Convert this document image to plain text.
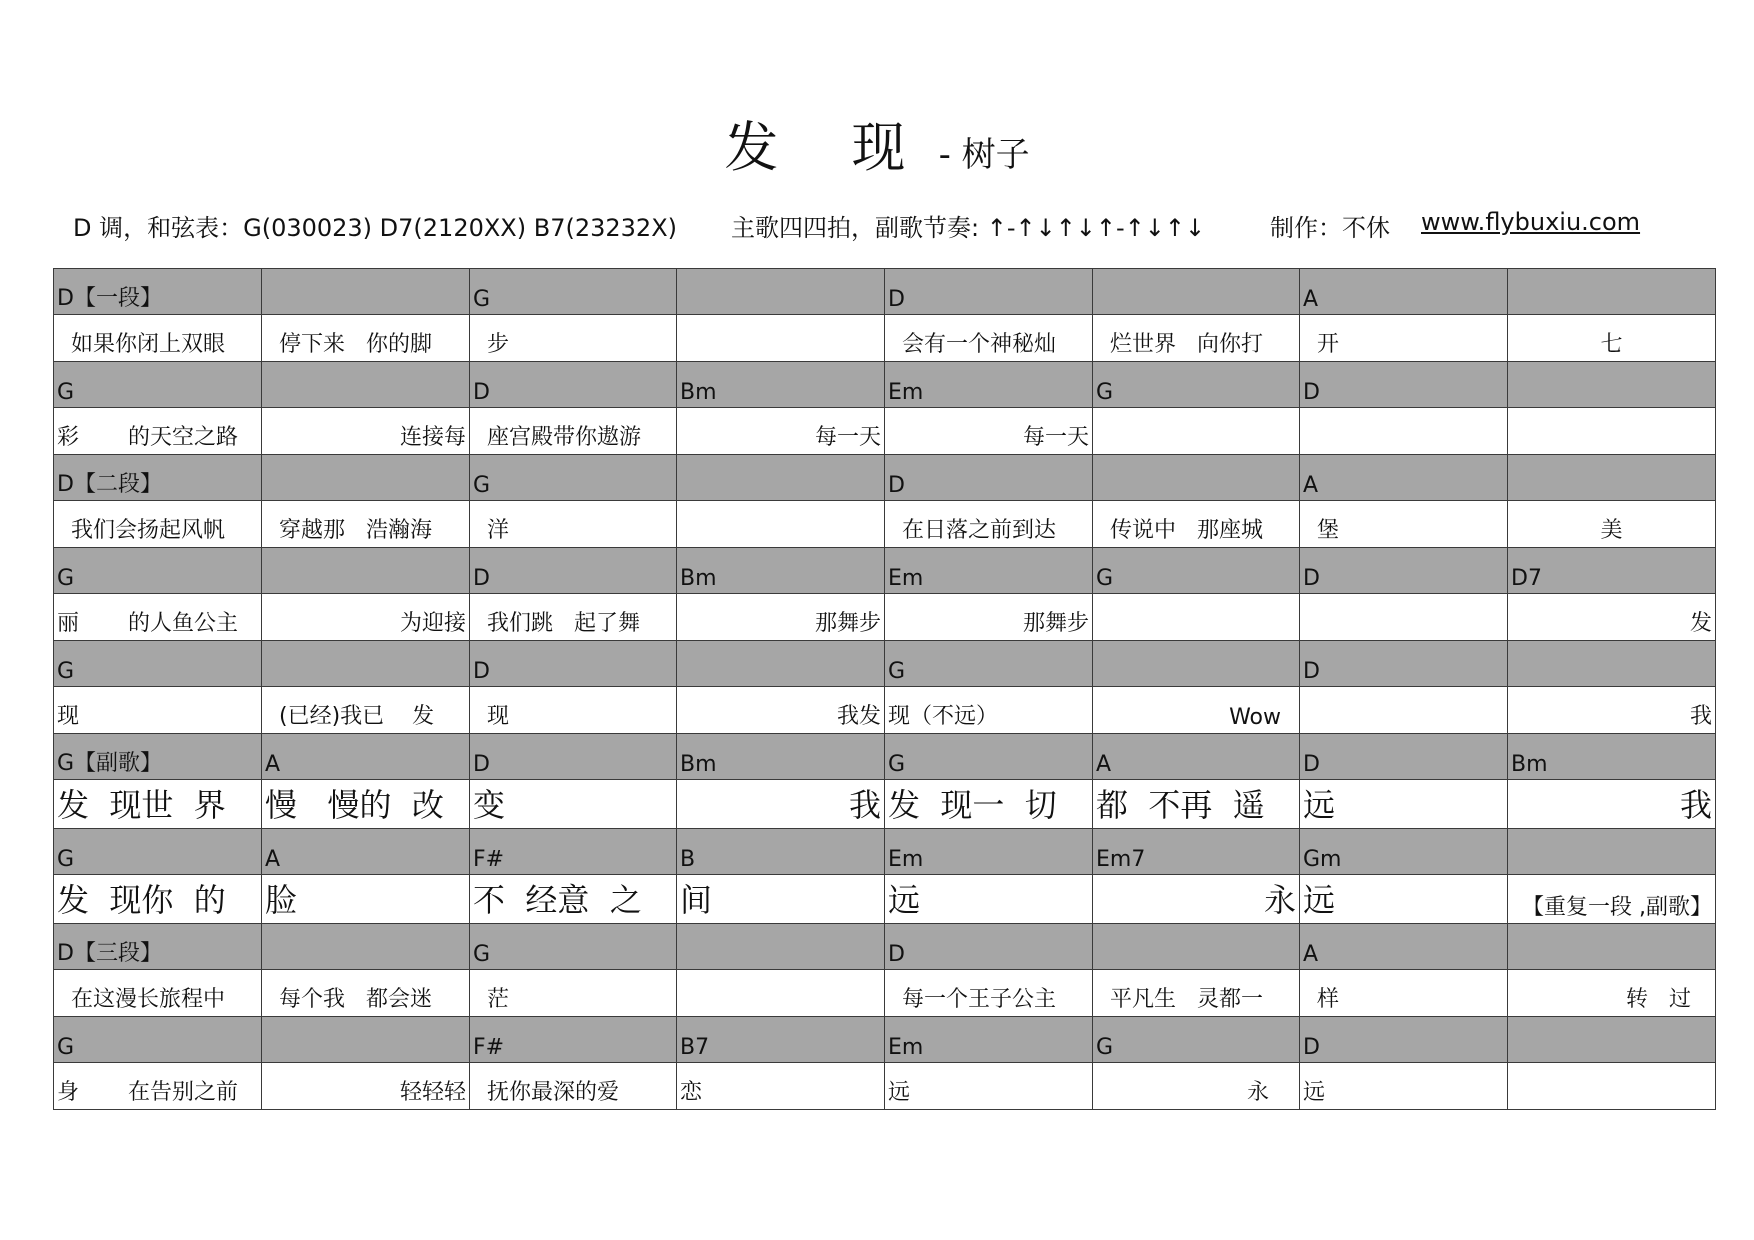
发 现 - 树子
D 调，和弦表：G(030023) D7(2120XX) B7(23232X) 主歌四四拍，副歌节奏: ↑-↑↓↑↓↑-↑↓↑↓	制作：不休 www.flybuxiu.com
D【一段】		G		D		A	
如果你闭上双眼	停下来   你的脚	步		会有一个神秘灿	烂世界   向你打	开	七
G		D	Bm	Em	G	D	
彩       的天空之路	连接每	座宫殿带你遨游	每一天	每一天			
D【二段】		G		D		A	
我们会扬起风帆	穿越那   浩瀚海	洋		在日落之前到达	传说中   那座城	堡	美
G		D	Bm	Em	G	D	D7
丽       的人鱼公主	为迎接	我们跳   起了舞	那舞步	那舞步			发
G		D		G		D	
现	(已经)我已    发	现	我发	现（不远）	Wow		我
G【副歌】	A	D	Bm	G	A	D	Bm
发  现世  界	慢   慢的  改	变	我	发  现一  切	都  不再  遥	远	我
G	A	F#	B	Em	Em7	Gm	
发  现你  的	脸	不  经意  之	间	远	永	远	【重复一段 ,副歌】
D【三段】		G		D		A	
在这漫长旅程中	每个我   都会迷	茫		每一个王子公主	平凡生   灵都一	样	转   过
G		F#	B7	Em	G	D	
身       在告别之前	轻轻轻	抚你最深的爱	恋	远	永	远	
